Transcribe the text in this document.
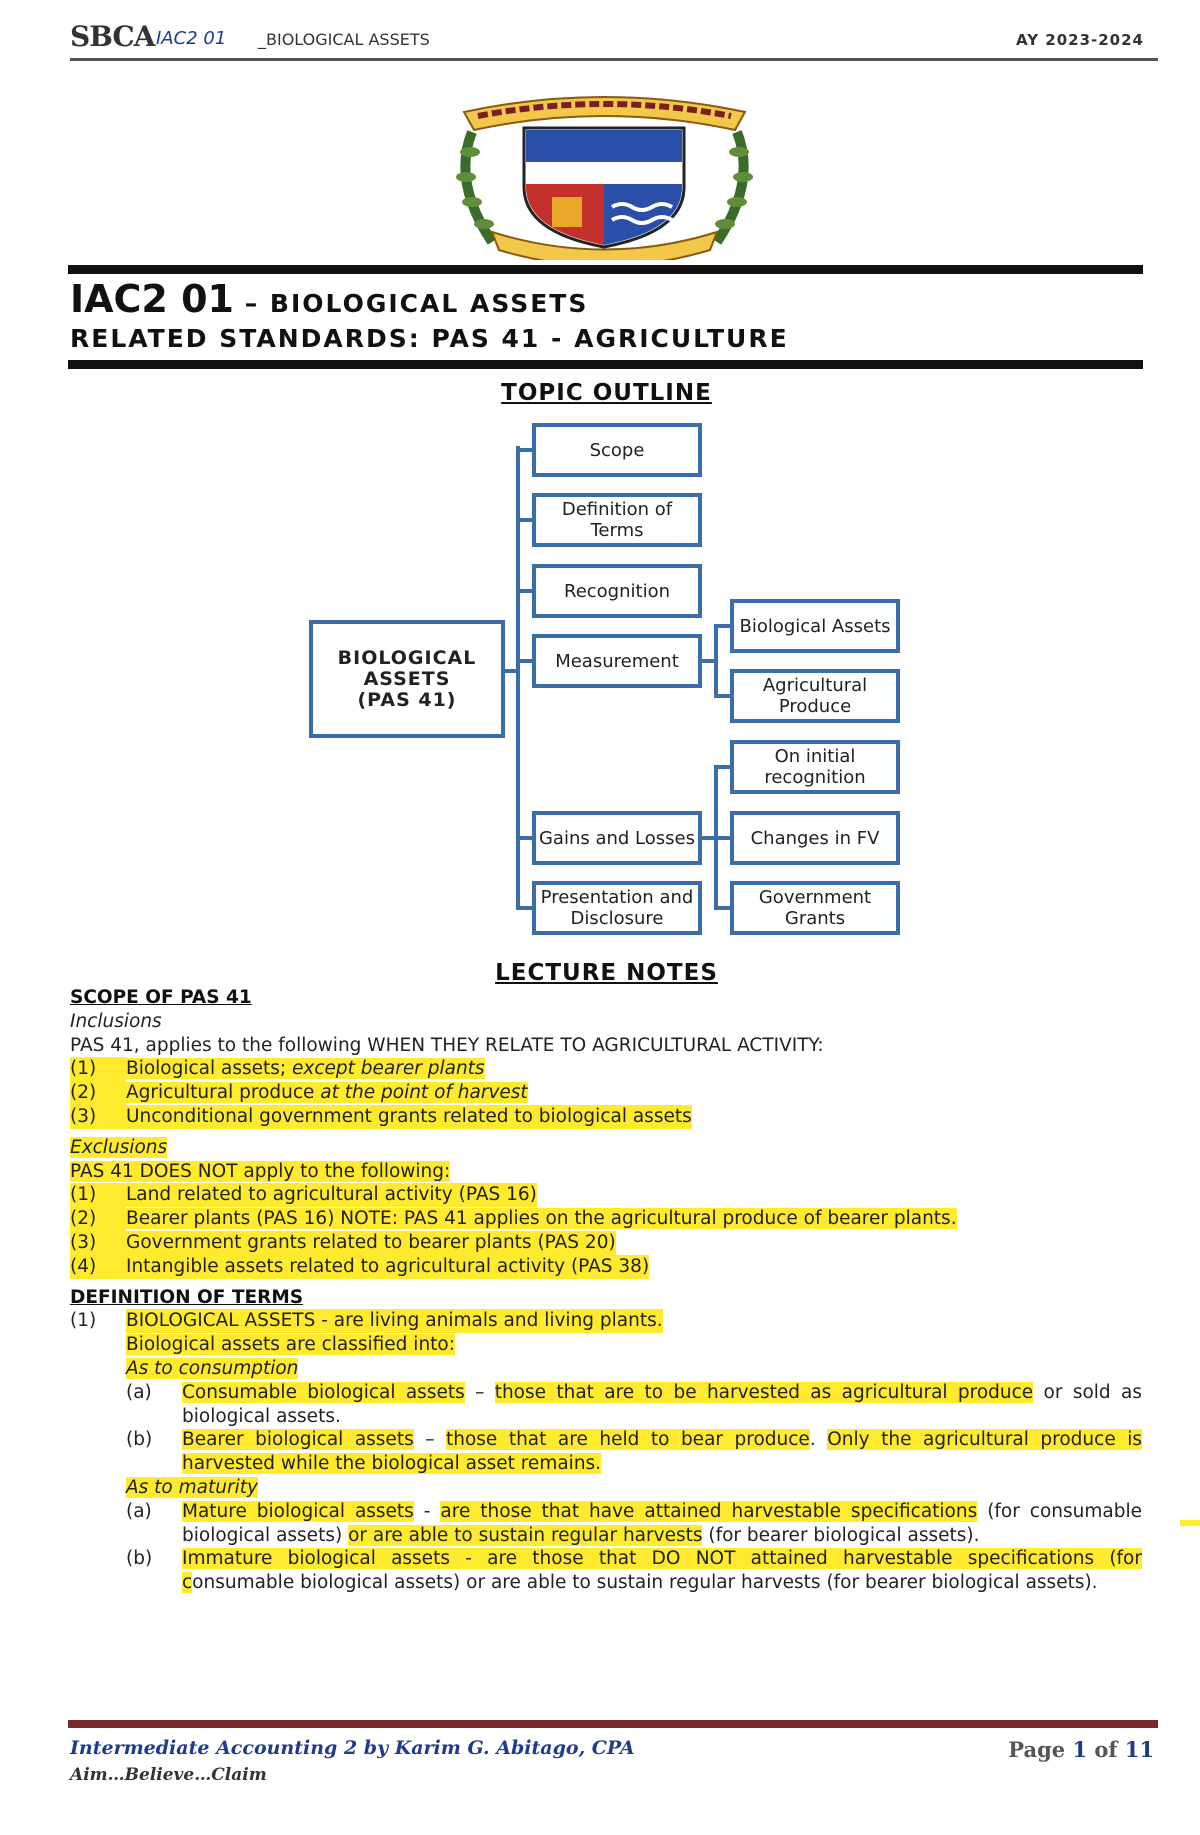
SBCA IAC2 01 _BIOLOGICAL ASSETS	AY 2023-2024
IAC2 01 – BIOLOGICAL ASSETS
RELATED STANDARDS: PAS 41 - AGRICULTURE
TOPIC OUTLINE
BIOLOGICAL
ASSETS
(PAS 41)
Scope
Definition of Terms
Recognition
Measurement
Gains and Losses
Presentation and Disclosure
Biological Assets
Agricultural Produce
On initial recognition
Changes in FV
Government Grants
LECTURE NOTES

SCOPE OF PAS 41

Inclusions

PAS 41, applies to the following WHEN THEY RELATE TO AGRICULTURAL ACTIVITY:

(1)	Biological assets; except bearer plants
(2)	Agricultural produce at the point of harvest
(3)	Unconditional government grants related to biological assets

Exclusions

PAS 41 DOES NOT apply to the following:

(1)	Land related to agricultural activity (PAS 16)
(2)	Bearer plants (PAS 16) NOTE: PAS 41 applies on the agricultural produce of bearer plants.
(3)	Government grants related to bearer plants (PAS 20)
(4)	Intangible assets related to agricultural activity (PAS 38)

DEFINITION OF TERMS

(1)	BIOLOGICAL ASSETS - are living animals and living plants.

Biological assets are classified into:

As to consumption

(a)	Consumable biological assets – those that are to be harvested as agricultural produce or sold as biological assets.
(b)	Bearer biological assets – those that are held to bear produce. Only the agricultural produce is harvested while the biological asset remains.

As to maturity

(a)	Mature biological assets - are those that have attained harvestable specifications (for consumable biological assets) or are able to sustain regular harvests (for bearer biological assets).
(b)	Immature biological assets - are those that DO NOT attained harvestable specifications (for consumable biological assets) or are able to sustain regular harvests (for bearer biological assets).
Intermediate Accounting 2 by Karim G. Abitago, CPA
Aim…Believe…Claim
Page 1 of 11
